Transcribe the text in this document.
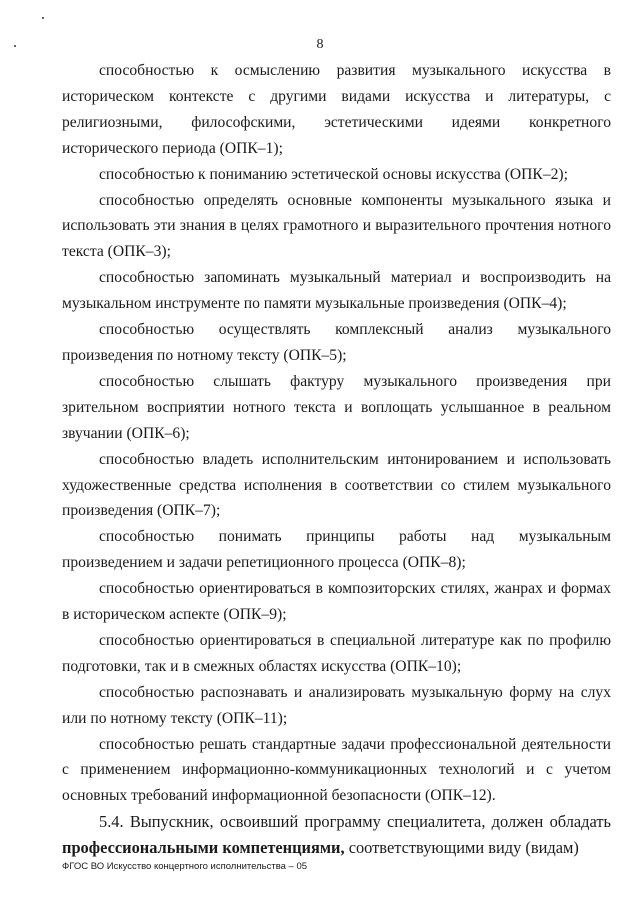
8

способностью к осмыслению развития музыкального искусства в историческом контексте с другими видами искусства и литературы, с религиозными, философскими, эстетическими идеями конкретного исторического периода (ОПК–1);

способностью к пониманию эстетической основы искусства (ОПК–2);

способностью определять основные компоненты музыкального языка и использовать эти знания в целях грамотного и выразительного прочтения нотного текста (ОПК–3);

способностью запоминать музыкальный материал и воспроизводить на музыкальном инструменте по памяти музыкальные произведения (ОПК–4);

способностью осуществлять комплексный анализ музыкального произведения по нотному тексту (ОПК–5);

способностью слышать фактуру музыкального произведения при зрительном восприятии нотного текста и воплощать услышанное в реальном звучании (ОПК–6);

способностью владеть исполнительским интонированием и использовать художественные средства исполнения в соответствии со стилем музыкального произведения (ОПК–7);

способностью понимать принципы работы над музыкальным произведением и задачи репетиционного процесса (ОПК–8);

способностью ориентироваться в композиторских стилях, жанрах и формах в историческом аспекте (ОПК–9);

способностью ориентироваться в специальной литературе как по профилю подготовки, так и в смежных областях искусства (ОПК–10);

способностью распознавать и анализировать музыкальную форму на слух или по нотному тексту (ОПК–11);

способностью решать стандартные задачи профессиональной деятельности с применением информационно-коммуникационных технологий и с учетом основных требований информационной безопасности (ОПК–12).

5.4. Выпускник, освоивший программу специалитета, должен обладать профессиональными компетенциями, соответствующими виду (видам)

ФГОС ВО Искусство концертного исполнительства – 05
